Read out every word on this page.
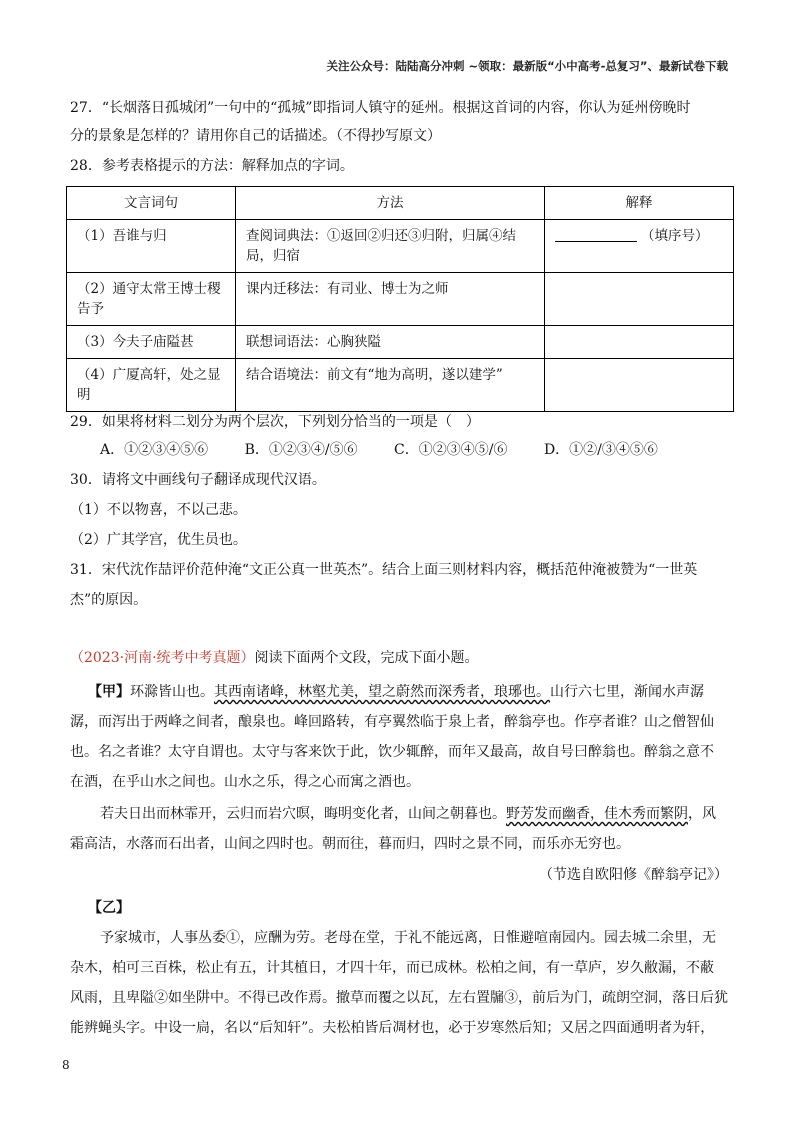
关注公众号：陆陆高分冲刺 ~领取：最新版“小中高考-总复习”、最新试卷下载
27．“长烟落日孤城闭”一句中的“孤城”即指词人镇守的延州。根据这首词的内容，你认为延州傍晚时
分的景象是怎样的？请用你自己的话描述。（不得抄写原文）
28．参考表格提示的方法：解释加点的字词。
文言词句	方法	解释
（1）吾谁与归	查阅词典法：①返回②归还③归附，归属④结局，归宿	（填序号）
（2）通守太常王博士稷告予	课内迁移法：有司业、博士为之师	
（3）今夫子庙隘甚	联想词语法：心胸狭隘	
（4）广厦高轩，处之显明	结合语境法：前文有“地为高明，遂以建学”	
29．如果将材料二划分为两个层次，下列划分恰当的一项是（　）
A．①②③④⑤⑥	B．①②③④/⑤⑥	C．①②③④⑤/⑥	D．①②/③④⑤⑥
30．请将文中画线句子翻译成现代汉语。
（1）不以物喜，不以己悲。
（2）广其学宫，优生员也。
31．宋代沈作喆评价范仲淹“文正公真一世英杰”。结合上面三则材料内容，概括范仲淹被赞为“一世英
杰”的原因。
（2023·河南·统考中考真题）阅读下面两个文段，完成下面小题。
【甲】环滁皆山也。其西南诸峰，林壑尤美，望之蔚然而深秀者，琅琊也。山行六七里，渐闻水声潺
潺，而泻出于两峰之间者，酿泉也。峰回路转，有亭翼然临于泉上者，醉翁亭也。作亭者谁？山之僧智仙
也。名之者谁？太守自谓也。太守与客来饮于此，饮少辄醉，而年又最高，故自号曰醉翁也。醉翁之意不
在酒，在乎山水之间也。山水之乐，得之心而寓之酒也。
若夫日出而林霏开，云归而岩穴暝，晦明变化者，山间之朝暮也。野芳发而幽香，佳木秀而繁阴，风
霜高洁，水落而石出者，山间之四时也。朝而往，暮而归，四时之景不同，而乐亦无穷也。
（节选自欧阳修《醉翁亭记》）
【乙】
予家城市，人事丛委①，应酬为劳。老母在堂，于礼不能远离，日惟避喧南园内。园去城二余里，无
杂木，柏可三百株，松止有五，计其植日，才四十年，而已成林。松柏之间，有一草庐，岁久敝漏，不蔽
风雨，且卑隘②如坐阱中。不得已改作焉。撤草而覆之以瓦，左右置牖③，前后为门，疏朗空洞，落日后犹
能辨蝇头字。中设一扃，名以“后知轩”。夫松柏皆后凋材也，必于岁寒然后知；又居之四面通明者为轩，
8
